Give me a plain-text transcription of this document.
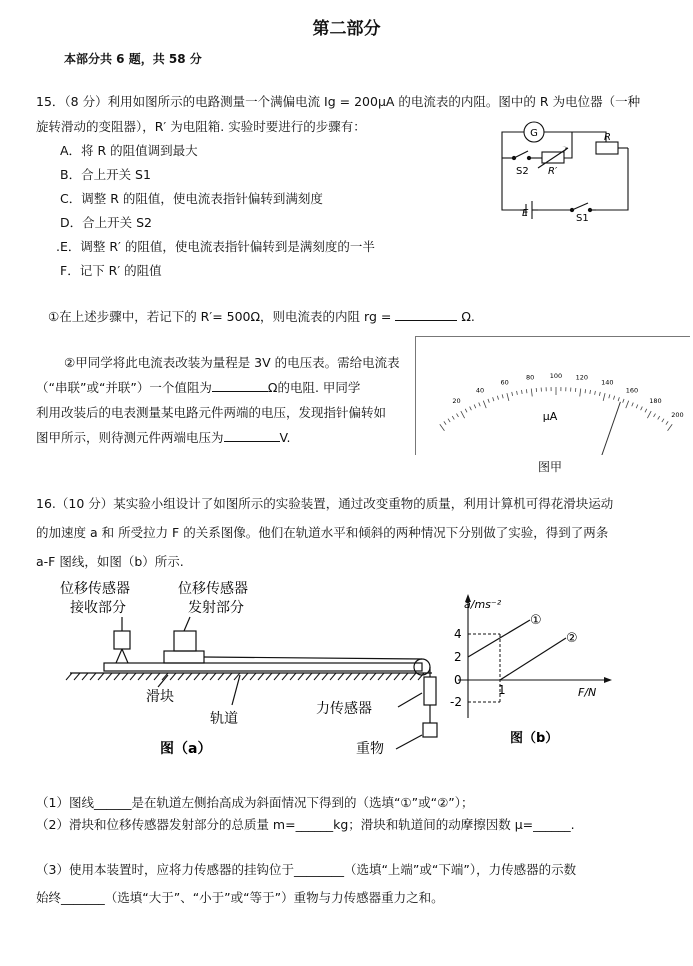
第二部分
本部分共 6 题，共 58 分
15．（8 分）利用如图所示的电路测量一个满偏电流 Ig = 200μA 的电流表的内阻。图中的 R 为电位器（一种
旋转滑动的变阻器），R′ 为电阻箱. 实验时要进行的步骤有：
A．将 R 的阻值调到最大
B．合上开关 S1
C．调整 R 的阻值，使电流表指针偏转到满刻度
D．合上开关 S2
.E．调整 R′ 的阻值，使电流表指针偏转到是满刻度的一半
F．记下 R′ 的阻值
G	R
S2 R′
E	S1
①在上述步骤中，若记下的 R′= 500Ω，则电流表的内阻 rg =	Ω.
②甲同学将此电流表改装为量程是 3V 的电压表。需给电流表
（“串联”或“并联”）一个值阻为	Ω的电阻. 甲同学
利用改装后的电表测量某电路元件两端的电压，发现指针偏转如
图甲所示，则待测元件两端电压为	V.
20
40
60
80 100 120
140
160
180
200
μA
图甲
16.（10 分）某实验小组设计了如图所示的实验装置，通过改变重物的质量，利用计算机可得花滑块运动
的加速度 a 和 所受拉力 F 的关系图像。他们在轨道水平和倾斜的两种情况下分别做了实验，得到了两条
a-F 图线，如图（b）所示.
位移传感器
接收部分
位移传感器
发射部分
滑块
轨道
力传感器
重物
图（a）
a/ms⁻²
F/N
4
2
0
-2
1
①
②
图（b）
（1）图线______是在轨道左侧抬高成为斜面情况下得到的（选填“①”或“②”）；
（2）滑块和位移传感器发射部分的总质量 m=______kg；滑块和轨道间的动摩擦因数 μ=______.
（3）使用本装置时，应将力传感器的挂钩位于________（选填“上端”或“下端”），力传感器的示数
始终_______（选填“大于”、“小于”或“等于”）重物与力传感器重力之和。
